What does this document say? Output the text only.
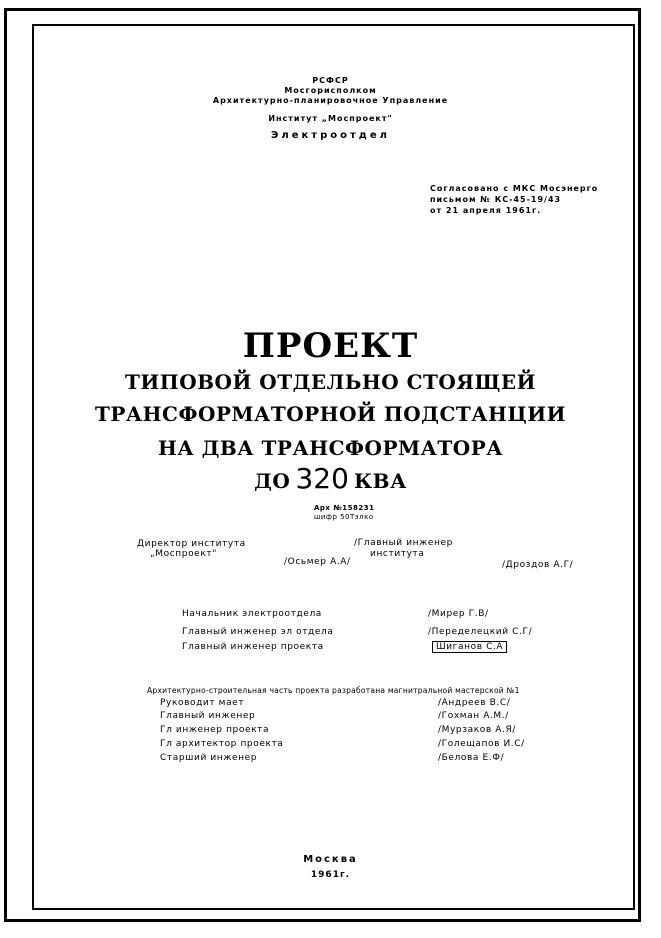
РСФСР
Мосгорисполком
Архитектурно-планировочное Управление
Институт „Моспроект"
Электроотдел
Согласовано с МКС Мосэнерго
письмом № КС-45-19/43
от 21 апреля 1961г.
ПРОЕКТ
ТИПОВОЙ ОТДЕЛЬНО СТОЯЩЕЙ
ТРАНСФОРМАТОРНОЙ ПОДСТАНЦИИ
НА ДВА ТРАНСФОРМАТОРА
ДО 320 КВА
Арх №158231
шифр 50Тэлко
Директор института
„Моспроект"
/Осьмер А.А/
/Главный инженер
института
/Дроздов А.Г/
Начальник электроотдела	/Мирер Г.В/
Главный инженер эл отдела	/Переделецкий С.Г/
Главный инженер проекта	Шиганов С.А
Архитектурно-строительная часть проекта разработана магнитральной мастерской №1
Руководит мает	/Андреев В.С/
Главный инженер	/Гохман А.М./
Гл инженер проекта	/Мурзаков А.Я/
Гл архитектор проекта	/Голещапов И.С/
Старший инженер	/Белова Е.Ф/
Москва
1961г.
